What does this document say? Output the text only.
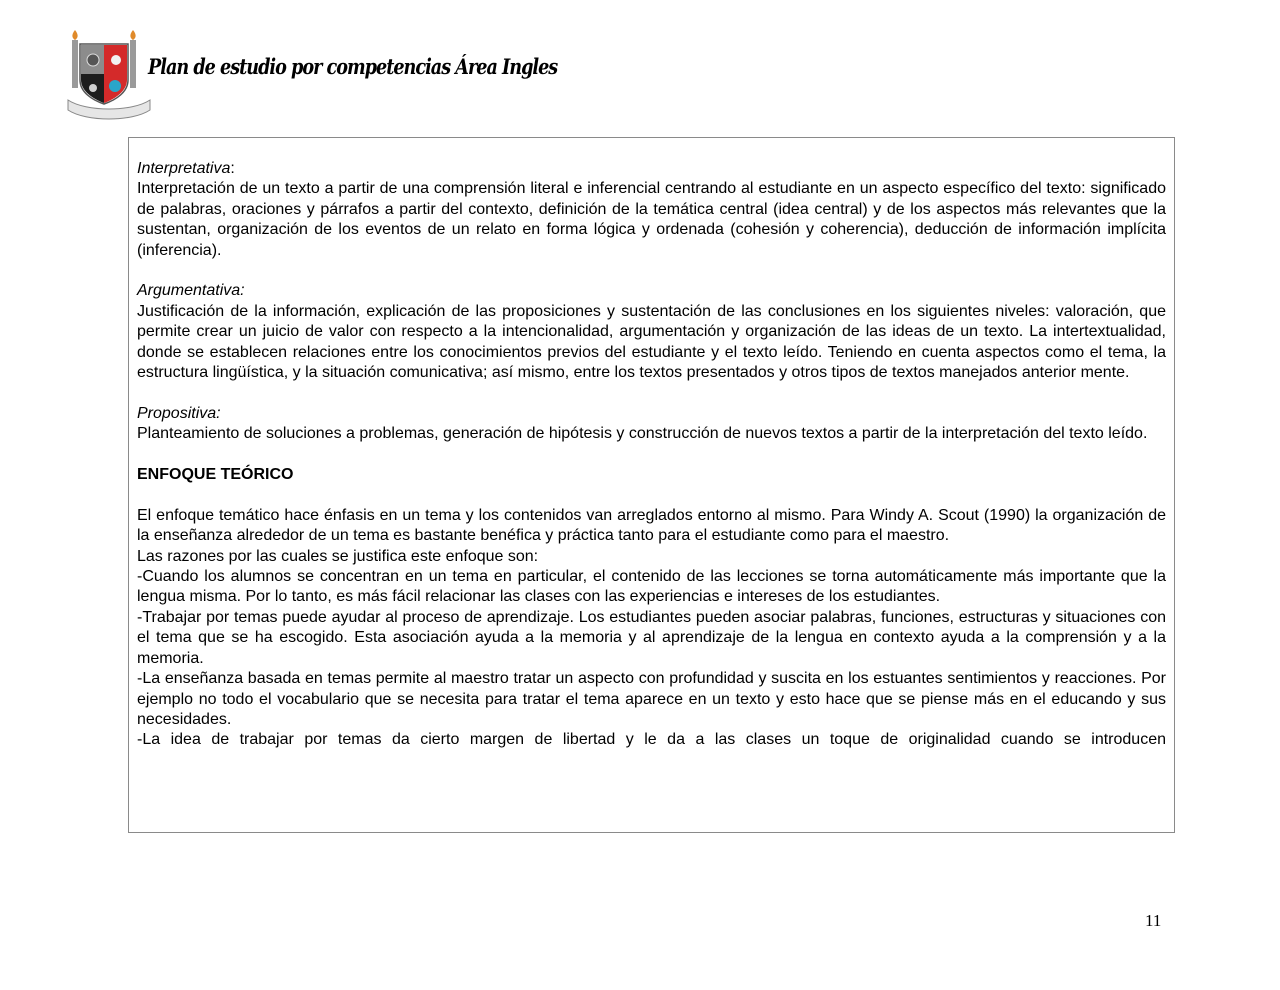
Plan de estudio por competencias Área Ingles

Interpretativa:

Interpretación de un texto a partir de una comprensión literal e inferencial centrando al estudiante en un aspecto específico del texto: significado de palabras, oraciones y párrafos a partir del contexto, definición de la temática central (idea central) y de los aspectos más relevantes que la sustentan, organización de los eventos de un relato en forma lógica y ordenada (cohesión y coherencia), deducción de información implícita (inferencia).

Argumentativa:

Justificación de la información, explicación de las proposiciones y sustentación de las conclusiones en los siguientes niveles: valoración, que permite crear un juicio de valor con respecto a la intencionalidad, argumentación y organización de las ideas de un texto. La intertextualidad, donde se establecen relaciones entre los conocimientos previos del estudiante y el texto leído. Teniendo en cuenta aspectos como el tema, la estructura lingüística, y la situación comunicativa; así mismo, entre los textos presentados y otros tipos de textos manejados anterior mente.

Propositiva:

Planteamiento de soluciones a problemas, generación de hipótesis y construcción de nuevos textos a partir de la interpretación del texto leído.

ENFOQUE TEÓRICO

El enfoque temático hace énfasis en un tema y los contenidos van arreglados entorno al mismo. Para Windy A. Scout (1990) la organización de la enseñanza alrededor de un tema es bastante benéfica y práctica tanto para el estudiante como para el maestro.

Las razones por las cuales se justifica este enfoque son:

-Cuando los alumnos se concentran en un tema en particular, el contenido de las lecciones se torna automáticamente más importante que la lengua misma. Por lo tanto, es más fácil relacionar las clases con las experiencias e intereses de los estudiantes.

-Trabajar por temas puede ayudar al proceso de aprendizaje. Los estudiantes pueden asociar palabras, funciones, estructuras y situaciones con el tema que se ha escogido. Esta asociación ayuda a la memoria y al aprendizaje de la lengua en contexto ayuda a la comprensión y a la memoria.

-La enseñanza basada en temas permite al maestro tratar un aspecto con profundidad y suscita en los estuantes sentimientos y reacciones. Por ejemplo no todo el vocabulario que se necesita para tratar el tema aparece en un texto y esto hace que se piense más en el educando y sus necesidades.

-La idea de trabajar por temas da cierto margen de libertad y le da a las clases un toque de originalidad cuando se introducen

11
